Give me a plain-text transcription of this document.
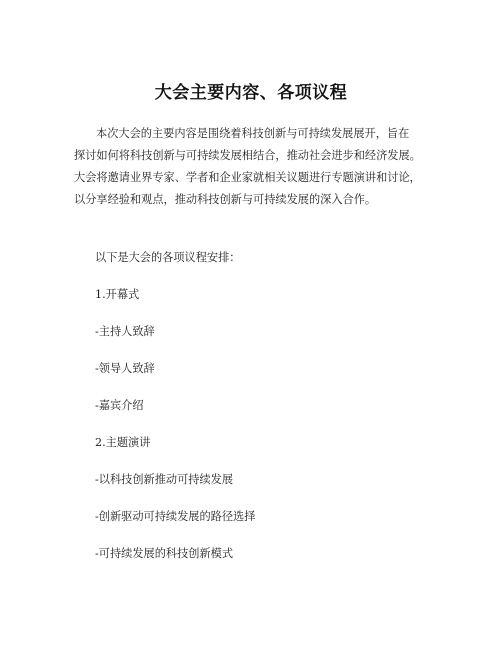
大会主要内容、各项议程
本次大会的主要内容是围绕着科技创新与可持续发展展开，旨在
探讨如何将科技创新与可持续发展相结合，推动社会进步和经济发展。
大会将邀请业界专家、学者和企业家就相关议题进行专题演讲和讨论，
以分享经验和观点，推动科技创新与可持续发展的深入合作。
以下是大会的各项议程安排：
1.开幕式
-主持人致辞
-领导人致辞
-嘉宾介绍
2.主题演讲
-以科技创新推动可持续发展
-创新驱动可持续发展的路径选择
-可持续发展的科技创新模式
